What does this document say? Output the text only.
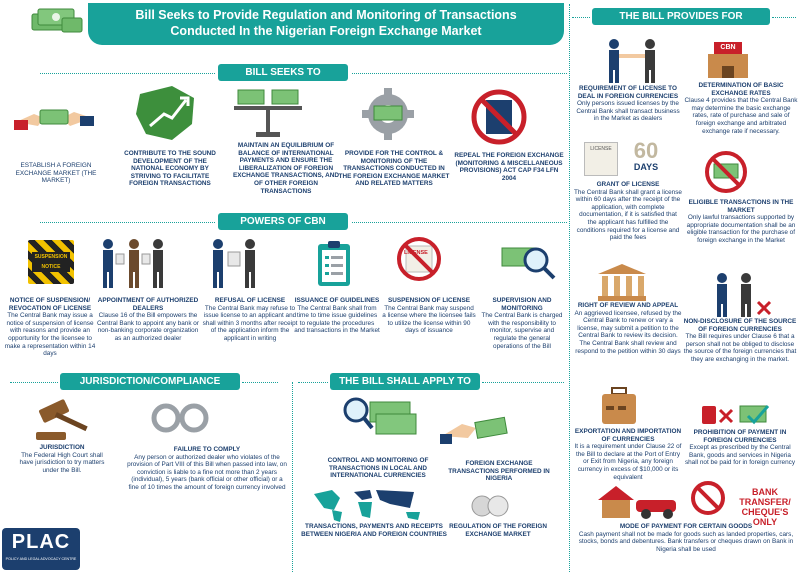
Bill Seeks to Provide Regulation and Monitoring of Transactions
Conducted In the Nigerian Foreign Exchange Market
BILL SEEKS TO
ESTABLISH A FOREIGN EXCHANGE MARKET (THE MARKET)
CONTRIBUTE TO THE SOUND DEVELOPMENT OF THE NATIONAL ECONOMY BY STRIVING TO FACILITATE FOREIGN TRANSACTIONS
MAINTAIN AN EQUILIBRIUM OF BALANCE OF INTERNATIONAL PAYMENTS AND ENSURE THE LIBERALIZATION OF FOREIGN EXCHANGE TRANSACTIONS, AND OF OTHER FOREIGN TRANSACTIONS
PROVIDE FOR THE CONTROL & MONITORING OF THE TRANSACTIONS CONDUCTED IN THE FOREIGN EXCHANGE MARKET AND RELATED MATTERS
REPEAL THE FOREIGN EXCHANGE (MONITORING & MISCELLANEOUS PROVISIONS) ACT CAP F34 LFN 2004
POWERS OF CBN
SUSPENSION NOTICE
LICENSE
NOTICE OF SUSPENSION/ REVOCATION OF LICENSE
The Central Bank may issue a notice of suspension of license with reasons and provide an opportunity for the licensee to make a representation within 14 days
APPOINTMENT OF AUTHORIZED DEALERS
Clause 16 of the Bill empowers the Central Bank to appoint any bank or non-banking corporate organization as an authorized dealer
REFUSAL OF LICENSE
The Central Bank may refuse to issue license to an applicant and shall within 3 months after receipt of the application inform the applicant in writing
ISSUANCE OF GUIDELINES
The Central Bank shall from time to time issue guidelines to regulate the procedures and transactions in the Market
SUSPENSION OF LICENSE
The Central Bank may suspend a license where the licensee fails to utilize the license within 90 days of issuance
SUPERVISION AND MONITORING
The Central Bank is charged with the responsibility to monitor, supervise and regulate the general operations of the Bill
JURISDICTION/COMPLIANCE
JURISDICTION
The Federal High Court shall have jurisdiction to try matters under the Bill.
FAILURE TO COMPLY
Any person or authorized dealer who violates of the provision of Part VIII of this Bill when passed into law, on conviction is liable to a fine not more than 2 years (individual), 5 years (bank official or other official) or a fine of 10 times the amount of foreign currency involved
PLAC
POLICY AND LEGAL ADVOCACY CENTRE
THE BILL SHALL APPLY TO
CONTROL AND MONITORING OF TRANSACTIONS IN LOCAL AND INTERNATIONAL CURRENCIES
FOREIGN EXCHANGE TRANSACTIONS PERFORMED IN NIGERIA
TRANSACTIONS, PAYMENTS AND RECEIPTS BETWEEN NIGERIA AND FOREIGN COUNTRIES
REGULATION OF THE FOREIGN EXCHANGE MARKET
THE BILL PROVIDES FOR
CBN
REQUIREMENT OF LICENSE TO DEAL IN FOREIGN CURRENCIES
Only persons issued licenses by the Central Bank shall transact business in the Market as dealers
DETERMINATION OF BASIC EXCHANGE RATES
Clause 4 provides that the Central Bank may determine the basic exchange rates, rate of purchase and sale of foreign exchange and arbitrated exchange rate if necessary.
LICENSE	60
DAYS
GRANT OF LICENSE
The Central Bank shall grant a license within 60 days after the receipt of the application, with complete documentation, if it is satisfied that the applicant has fulfilled the conditions required for a license and paid the fees
ELIGIBLE TRANSACTIONS IN THE MARKET
Only lawful transactions supported by appropriate documentation shall be an eligible transaction for the purchase of foreign exchange in the Market
RIGHT OF REVIEW AND APPEAL
An aggrieved licensee, refused by the Central Bank to renew or vary a license, may submit a petition to the Central Bank to review its decision. The Central Bank shall review and respond to the petition within 30 days
NON-DISCLOSURE OF THE SOURCE OF FOREIGN CURRENCIES
The Bill requires under Clause 6 that a person shall not be obliged to disclose the source of the foreign currencies that they are exchanging in the market.
EXPORTATION AND IMPORTATION OF CURRENCIES
It is a requirement under Clause 22 of the Bill to declare at the Port of Entry or Exit from Nigeria, any foreign currency in excess of $10,000 or its equivalent
PROHIBITION OF PAYMENT IN FOREIGN CURRENCIES
Except as prescribed by the Central Bank, goods and services in Nigeria shall not be paid for in foreign currency
BANK TRANSFER/ CHEQUE'S ONLY
MODE OF PAYMENT FOR CERTAIN GOODS
Cash payment shall not be made for goods such as landed properties, cars, stocks, bonds and debentures. Bank transfers or cheques drawn on Bank in Nigeria shall be used
